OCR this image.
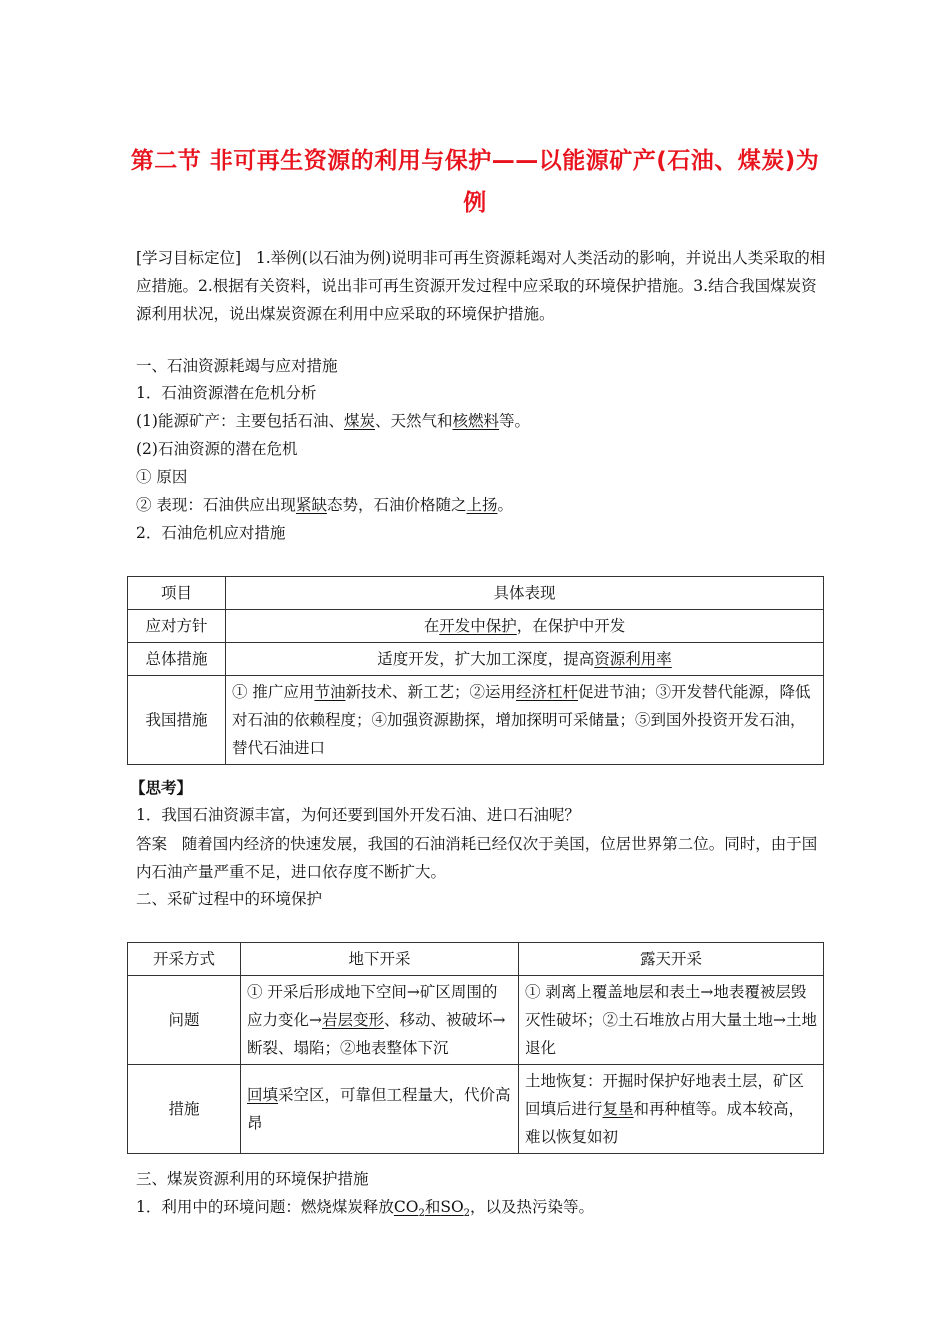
第二节 非可再生资源的利用与保护——以能源矿产(石油、煤炭)为
例
[学习目标定位] 1.举例(以石油为例)说明非可再生资源耗竭对人类活动的影响，并说出人类采取的相应措施。2.根据有关资料，说出非可再生资源开发过程中应采取的环境保护措施。3.结合我国煤炭资源利用状况，说出煤炭资源在利用中应采取的环境保护措施。
一、石油资源耗竭与应对措施
1．石油资源潜在危机分析
(1)能源矿产：主要包括石油、煤炭、天然气和核燃料等。
(2)石油资源的潜在危机
① 原因
② 表现：石油供应出现紧缺态势，石油价格随之上扬。
2．石油危机应对措施
项目	具体表现
应对方针	在开发中保护，在保护中开发
总体措施	适度开发，扩大加工深度，提高资源利用率
我国措施	① 推广应用节油新技术、新工艺；②运用经济杠杆促进节油；③开发替代能源，降低对石油的依赖程度；④加强资源勘探，增加探明可采储量；⑤到国外投资开发石油，替代石油进口
【思考】
1．我国石油资源丰富，为何还要到国外开发石油、进口石油呢？
答案 随着国内经济的快速发展，我国的石油消耗已经仅次于美国，位居世界第二位。同时，由于国内石油产量严重不足，进口依存度不断扩大。
二、采矿过程中的环境保护
开采方式	地下开采	露天开采
问题	① 开采后形成地下空间→矿区周围的应力变化→岩层变形、移动、被破坏→断裂、塌陷；②地表整体下沉	① 剥离上覆盖地层和表土→地表覆被层毁灭性破坏；②土石堆放占用大量土地→土地退化
措施	回填采空区，可靠但工程量大，代价高昂	土地恢复：开掘时保护好地表土层，矿区回填后进行复垦和再种植等。成本较高，难以恢复如初
三、煤炭资源利用的环境保护措施
1．利用中的环境问题：燃烧煤炭释放$CO_2$和$SO_2$，以及热污染等。
